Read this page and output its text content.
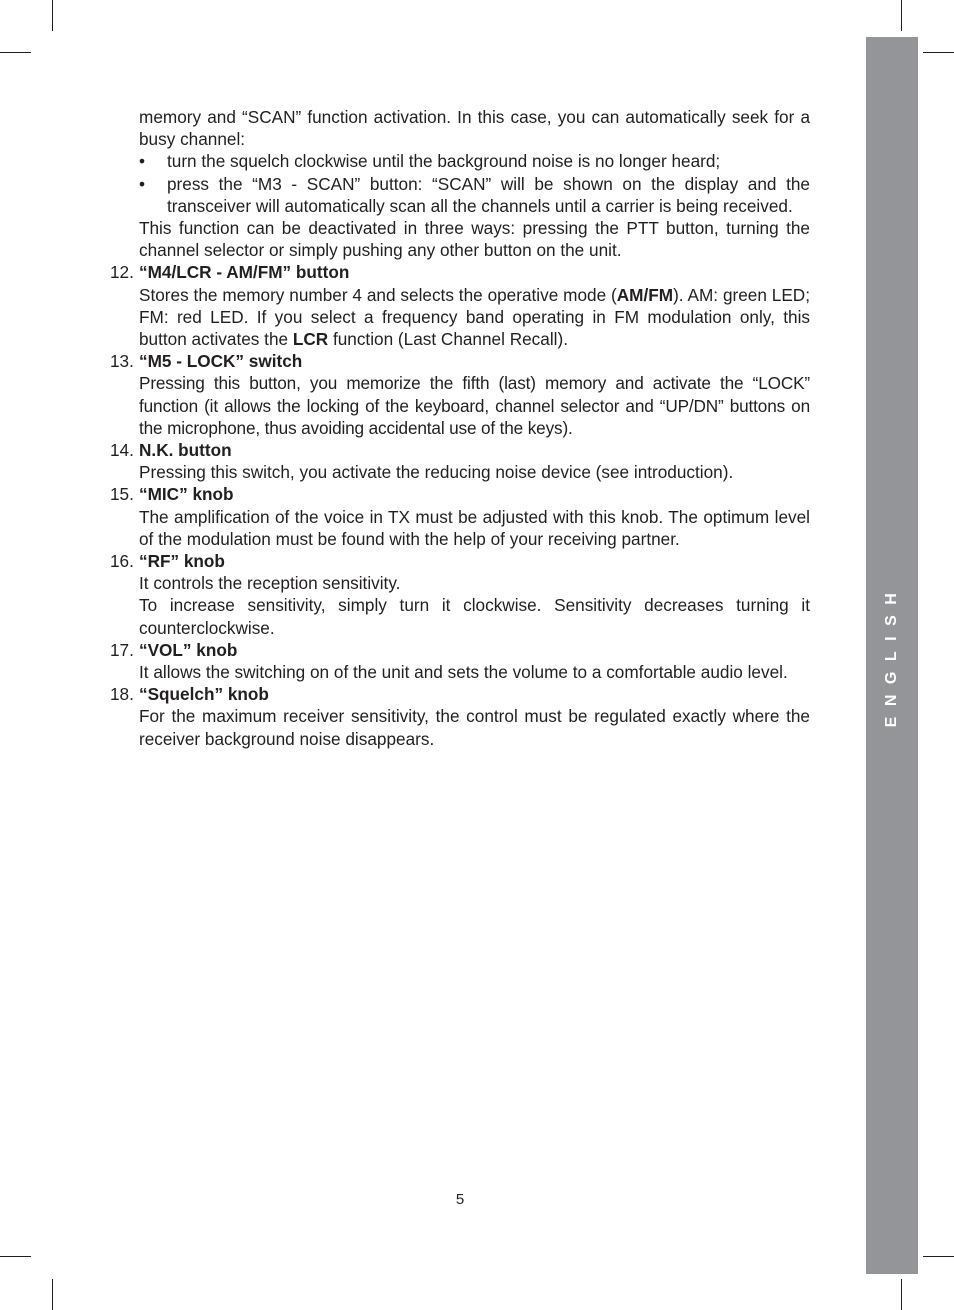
ENGLISH
memory and “SCAN” function activation. In this case, you can automatically seek for a busy channel:
• turn the squelch clockwise until the background noise is no longer heard;
• press the “M3 - SCAN” button: “SCAN” will be shown on the display and the transceiver will automatically scan all the channels until a carrier is being received.
This function can be deactivated in three ways: pressing the PTT button, turning the channel selector or simply pushing any other button on the unit.
12. “M4/LCR - AM/FM” button
Stores the memory number 4 and selects the operative mode (AM/FM). AM: green LED; FM: red LED. If you select a frequency band operating in FM modulation only, this button activates the LCR function (Last Channel Recall).
13. “M5 - LOCK” switch
Pressing this button, you memorize the fifth (last) memory and activate the “LOCK” function (it allows the locking of the keyboard, channel selector and “UP/DN” buttons on the microphone, thus avoiding accidental use of the keys).
14. N.K. button
Pressing this switch, you activate the reducing noise device (see introduction).
15. “MIC” knob
The amplification of the voice in TX must be adjusted with this knob. The optimum level of the modulation must be found with the help of your receiving partner.
16. “RF” knob
It controls the reception sensitivity.
To increase sensitivity, simply turn it clockwise. Sensitivity decreases turning it counterclockwise.
17. “VOL” knob
It allows the switching on of the unit and sets the volume to a comfortable audio level.
18. “Squelch” knob
For the maximum receiver sensitivity, the control must be regulated exactly where the receiver background noise disappears.
5
